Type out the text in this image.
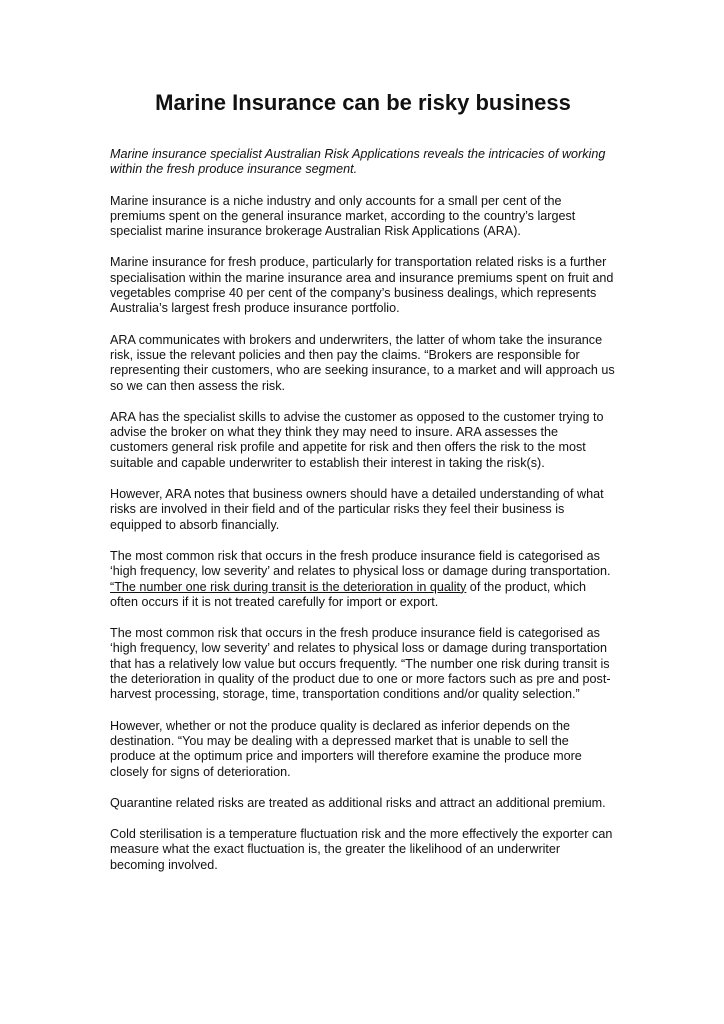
Marine Insurance can be risky business

Marine insurance specialist Australian Risk Applications reveals the intricacies of working within the fresh produce insurance segment.

Marine insurance is a niche industry and only accounts for a small per cent of the premiums spent on the general insurance market, according to the country’s largest specialist marine insurance brokerage Australian Risk Applications (ARA).

Marine insurance for fresh produce, particularly for transportation related risks is a further specialisation within the marine insurance area and insurance premiums spent on fruit and vegetables comprise 40 per cent of the company’s business dealings, which represents Australia’s largest fresh produce insurance portfolio.

ARA communicates with brokers and underwriters, the latter of whom take the insurance risk, issue the relevant policies and then pay the claims. “Brokers are responsible for representing their customers, who are seeking insurance, to a market and will approach us so we can then assess the risk.

ARA has the specialist skills to advise the customer as opposed to the customer trying to advise the broker on what they think they may need to insure. ARA assesses the customers general risk profile and appetite for risk and then offers the risk to the most suitable and capable underwriter to establish their interest in taking the risk(s).

However, ARA notes that business owners should have a detailed understanding of what risks are involved in their field and of the particular risks they feel their business is equipped to absorb financially.

The most common risk that occurs in the fresh produce insurance field is categorised as ‘high frequency, low severity’ and relates to physical loss or damage during transportation. “The number one risk during transit is the deterioration in quality of the product, which often occurs if it is not treated carefully for import or export.

The most common risk that occurs in the fresh produce insurance field is categorised as ‘high frequency, low severity’ and relates to physical loss or damage during transportation that has a relatively low value but occurs frequently. “The number one risk during transit is the deterioration in quality of the product due to one or more factors such as pre and post-harvest processing, storage, time, transportation conditions and/or quality selection.”

However, whether or not the produce quality is declared as inferior depends on the destination. “You may be dealing with a depressed market that is unable to sell the produce at the optimum price and importers will therefore examine the produce more closely for signs of deterioration.

Quarantine related risks are treated as additional risks and attract an additional premium.

Cold sterilisation is a temperature fluctuation risk and the more effectively the exporter can measure what the exact fluctuation is, the greater the likelihood of an underwriter becoming involved.
